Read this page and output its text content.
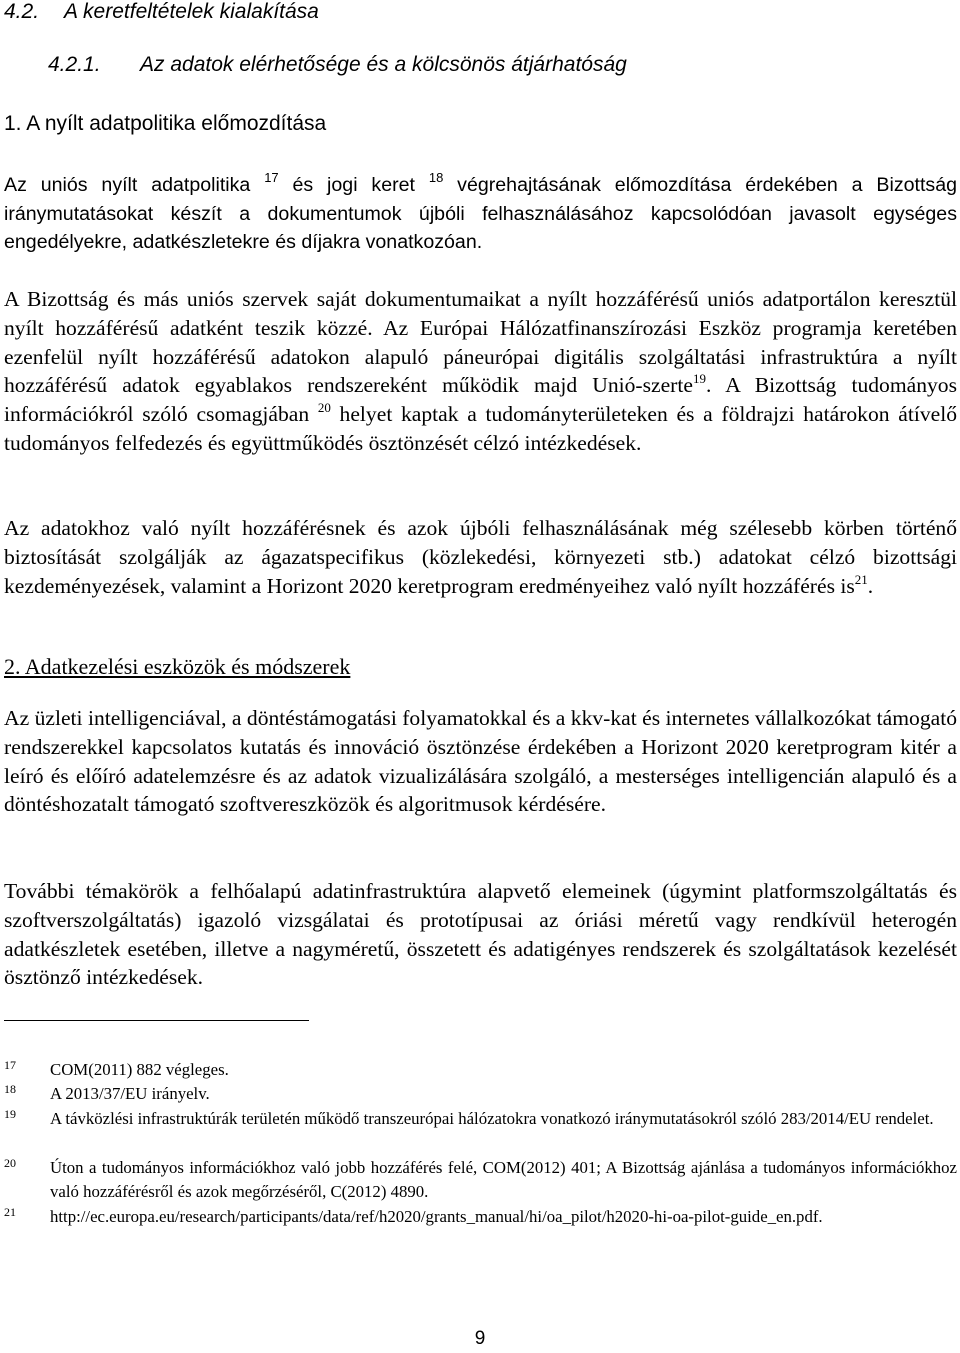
4.2. A keretfeltételek kialakítása
4.2.1. Az adatok elérhetősége és a kölcsönös átjárhatóság
1. A nyílt adatpolitika előmozdítása
Az uniós nyílt adatpolitika $^{17}$ és jogi keret $^{18}$ végrehajtásának előmozdítása érdekében a Bizottság iránymutatásokat készít a dokumentumok újbóli felhasználásához kapcsolódóan javasolt egységes engedélyekre, adatkészletekre és díjakra vonatkozóan.
A Bizottság és más uniós szervek saját dokumentumaikat a nyílt hozzáférésű uniós adatportálon keresztül nyílt hozzáférésű adatként teszik közzé. Az Európai Hálózatfinanszírozási Eszköz programja keretében ezenfelül nyílt hozzáférésű adatokon alapuló páneurópai digitális szolgáltatási infrastruktúra a nyílt hozzáférésű adatok egyablakos rendszereként működik majd Unió-szerte$^{19}$. A Bizottság tudományos információkról szóló csomagjában $^{20}$ helyet kaptak a tudományterületeken és a földrajzi határokon átívelő tudományos felfedezés és együttműködés ösztönzését célzó intézkedések.
Az adatokhoz való nyílt hozzáférésnek és azok újbóli felhasználásának még szélesebb körben történő biztosítását szolgálják az ágazatspecifikus (közlekedési, környezeti stb.) adatokat célzó bizottsági kezdeményezések, valamint a Horizont 2020 keretprogram eredményeihez való nyílt hozzáférés $is^{21}$.
2. Adatkezelési eszközök és módszerek
Az üzleti intelligenciával, a döntéstámogatási folyamatokkal és a kkv-kat és internetes vállalkozókat támogató rendszerekkel kapcsolatos kutatás és innováció ösztönzése érdekében a Horizont 2020 keretprogram kitér a leíró és előíró adatelemzésre és az adatok vizualizálására szolgáló, a mesterséges intelligencián alapuló és a döntéshozatalt támogató szoftvereszközök és algoritmusok kérdésére.
További témakörök a felhőalapú adatinfrastruktúra alapvető elemeinek (úgymint platformszolgáltatás és szoftverszolgáltatás) igazoló vizsgálatai és prototípusai az óriási méretű vagy rendkívül heterogén adatkészletek esetében, illetve a nagyméretű, összetett és adatigényes rendszerek és szolgáltatások kezelését ösztönző intézkedések.
17 COM(2011) 882 végleges.
18 A 2013/37/EU irányelv.
19 A távközlési infrastruktúrák területén működő transzeurópai hálózatokra vonatkozó iránymutatásokról szóló 283/2014/EU rendelet.
20 Úton a tudományos információkhoz való jobb hozzáférés felé, COM(2012) 401; A Bizottság ajánlása a tudományos információkhoz való hozzáférésről és azok megőrzéséről, C(2012) 4890.
21 http://ec.europa.eu/research/participants/data/ref/h2020/grants_manual/hi/oa_pilot/h2020-hi-oa-pilot-guide_en.pdf.
9
